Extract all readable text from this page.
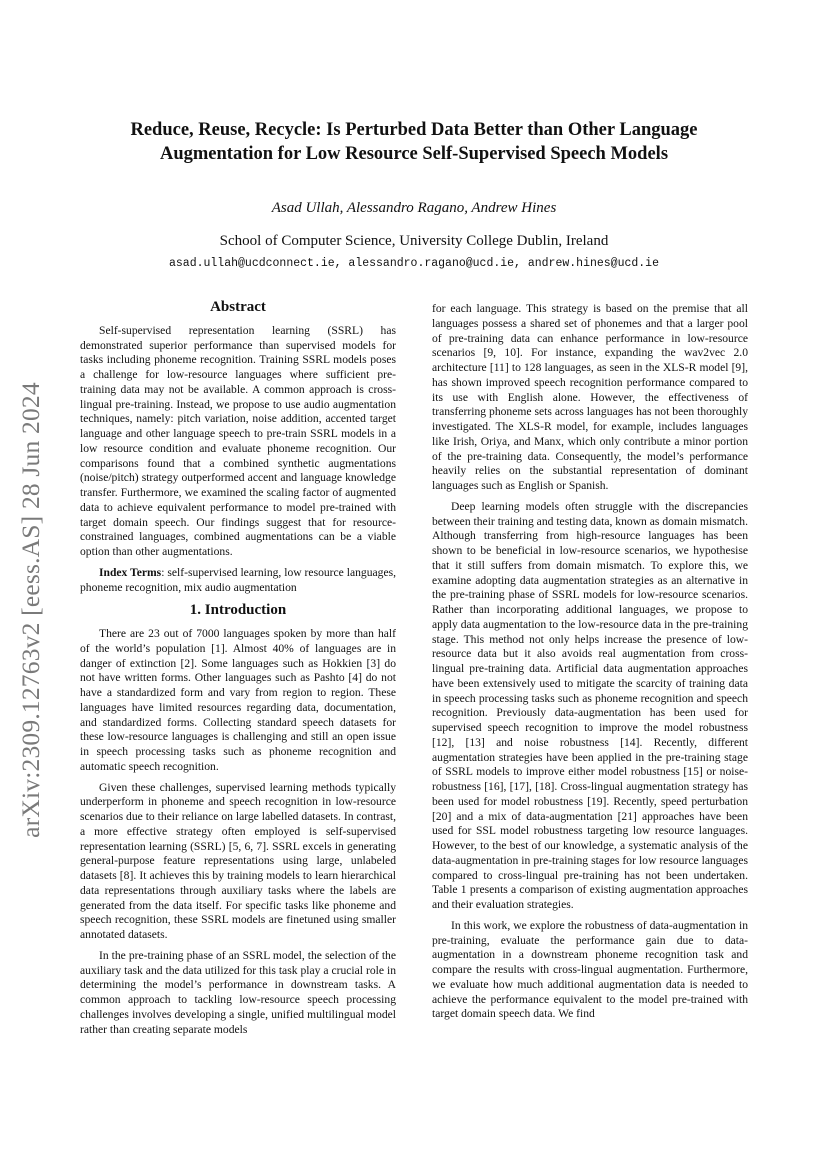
arXiv:2309.12763v2 [eess.AS] 28 Jun 2024
Reduce, Reuse, Recycle: Is Perturbed Data Better than Other Language Augmentation for Low Resource Self-Supervised Speech Models
Asad Ullah, Alessandro Ragano, Andrew Hines
School of Computer Science, University College Dublin, Ireland
asad.ullah@ucdconnect.ie, alessandro.ragano@ucd.ie, andrew.hines@ucd.ie
Abstract

Self-supervised representation learning (SSRL) has demonstrated superior performance than supervised models for tasks including phoneme recognition. Training SSRL models poses a challenge for low-resource languages where sufficient pre-training data may not be available. A common approach is cross-lingual pre-training. Instead, we propose to use audio augmentation techniques, namely: pitch variation, noise addition, accented target language and other language speech to pre-train SSRL models in a low resource condition and evaluate phoneme recognition. Our comparisons found that a combined synthetic augmentations (noise/pitch) strategy outperformed accent and language knowledge transfer. Furthermore, we examined the scaling factor of augmented data to achieve equivalent performance to model pre-trained with target domain speech. Our findings suggest that for resource-constrained languages, combined augmentations can be a viable option than other augmentations.

Index Terms: self-supervised learning, low resource languages, phoneme recognition, mix audio augmentation

1. Introduction

There are 23 out of 7000 languages spoken by more than half of the world’s population [1]. Almost 40% of languages are in danger of extinction [2]. Some languages such as Hokkien [3] do not have written forms. Other languages such as Pashto [4] do not have a standardized form and vary from region to region. These languages have limited resources regarding data, documentation, and standardized forms. Collecting standard speech datasets for these low-resource languages is challenging and still an open issue in speech processing tasks such as phoneme recognition and automatic speech recognition.

Given these challenges, supervised learning methods typically underperform in phoneme and speech recognition in low-resource scenarios due to their reliance on large labelled datasets. In contrast, a more effective strategy often employed is self-supervised representation learning (SSRL) [5, 6, 7]. SSRL excels in generating general-purpose feature representations using large, unlabeled datasets [8]. It achieves this by training models to learn hierarchical data representations through auxiliary tasks where the labels are generated from the data itself. For specific tasks like phoneme and speech recognition, these SSRL models are finetuned using smaller annotated datasets.

In the pre-training phase of an SSRL model, the selection of the auxiliary task and the data utilized for this task play a crucial role in determining the model’s performance in downstream tasks. A common approach to tackling low-resource speech processing challenges involves developing a single, unified multilingual model rather than creating separate models

for each language. This strategy is based on the premise that all languages possess a shared set of phonemes and that a larger pool of pre-training data can enhance performance in low-resource scenarios [9, 10]. For instance, expanding the wav2vec 2.0 architecture [11] to 128 languages, as seen in the XLS-R model [9], has shown improved speech recognition performance compared to its use with English alone. However, the effectiveness of transferring phoneme sets across languages has not been thoroughly investigated. The XLS-R model, for example, includes languages like Irish, Oriya, and Manx, which only contribute a minor portion of the pre-training data. Consequently, the model’s performance heavily relies on the substantial representation of dominant languages such as English or Spanish.

Deep learning models often struggle with the discrepancies between their training and testing data, known as domain mismatch. Although transferring from high-resource languages has been shown to be beneficial in low-resource scenarios, we hypothesise that it still suffers from domain mismatch. To explore this, we examine adopting data augmentation strategies as an alternative in the pre-training phase of SSRL models for low-resource scenarios. Rather than incorporating additional languages, we propose to apply data augmentation to the low-resource data in the pre-training stage. This method not only helps increase the presence of low-resource data but it also avoids real augmentation from cross-lingual pre-training data. Artificial data augmentation approaches have been extensively used to mitigate the scarcity of training data in speech processing tasks such as phoneme recognition and speech recognition. Previously data-augmentation has been used for supervised speech recognition to improve the model robustness [12], [13] and noise robustness [14]. Recently, different augmentation strategies have been applied in the pre-training stage of SSRL models to improve either model robustness [15] or noise-robustness [16], [17], [18]. Cross-lingual augmentation strategy has been used for model robustness [19]. Recently, speed perturbation [20] and a mix of data-augmentation [21] approaches have been used for SSL model robustness targeting low resource languages. However, to the best of our knowledge, a systematic analysis of the data-augmentation in pre-training stages for low resource languages compared to cross-lingual pre-training has not been undertaken. Table 1 presents a comparison of existing augmentation approaches and their evaluation strategies.

In this work, we explore the robustness of data-augmentation in pre-training, evaluate the performance gain due to data-augmentation in a downstream phoneme recognition task and compare the results with cross-lingual augmentation. Furthermore, we evaluate how much additional augmentation data is needed to achieve the performance equivalent to the model pre-trained with target domain speech data. We find
